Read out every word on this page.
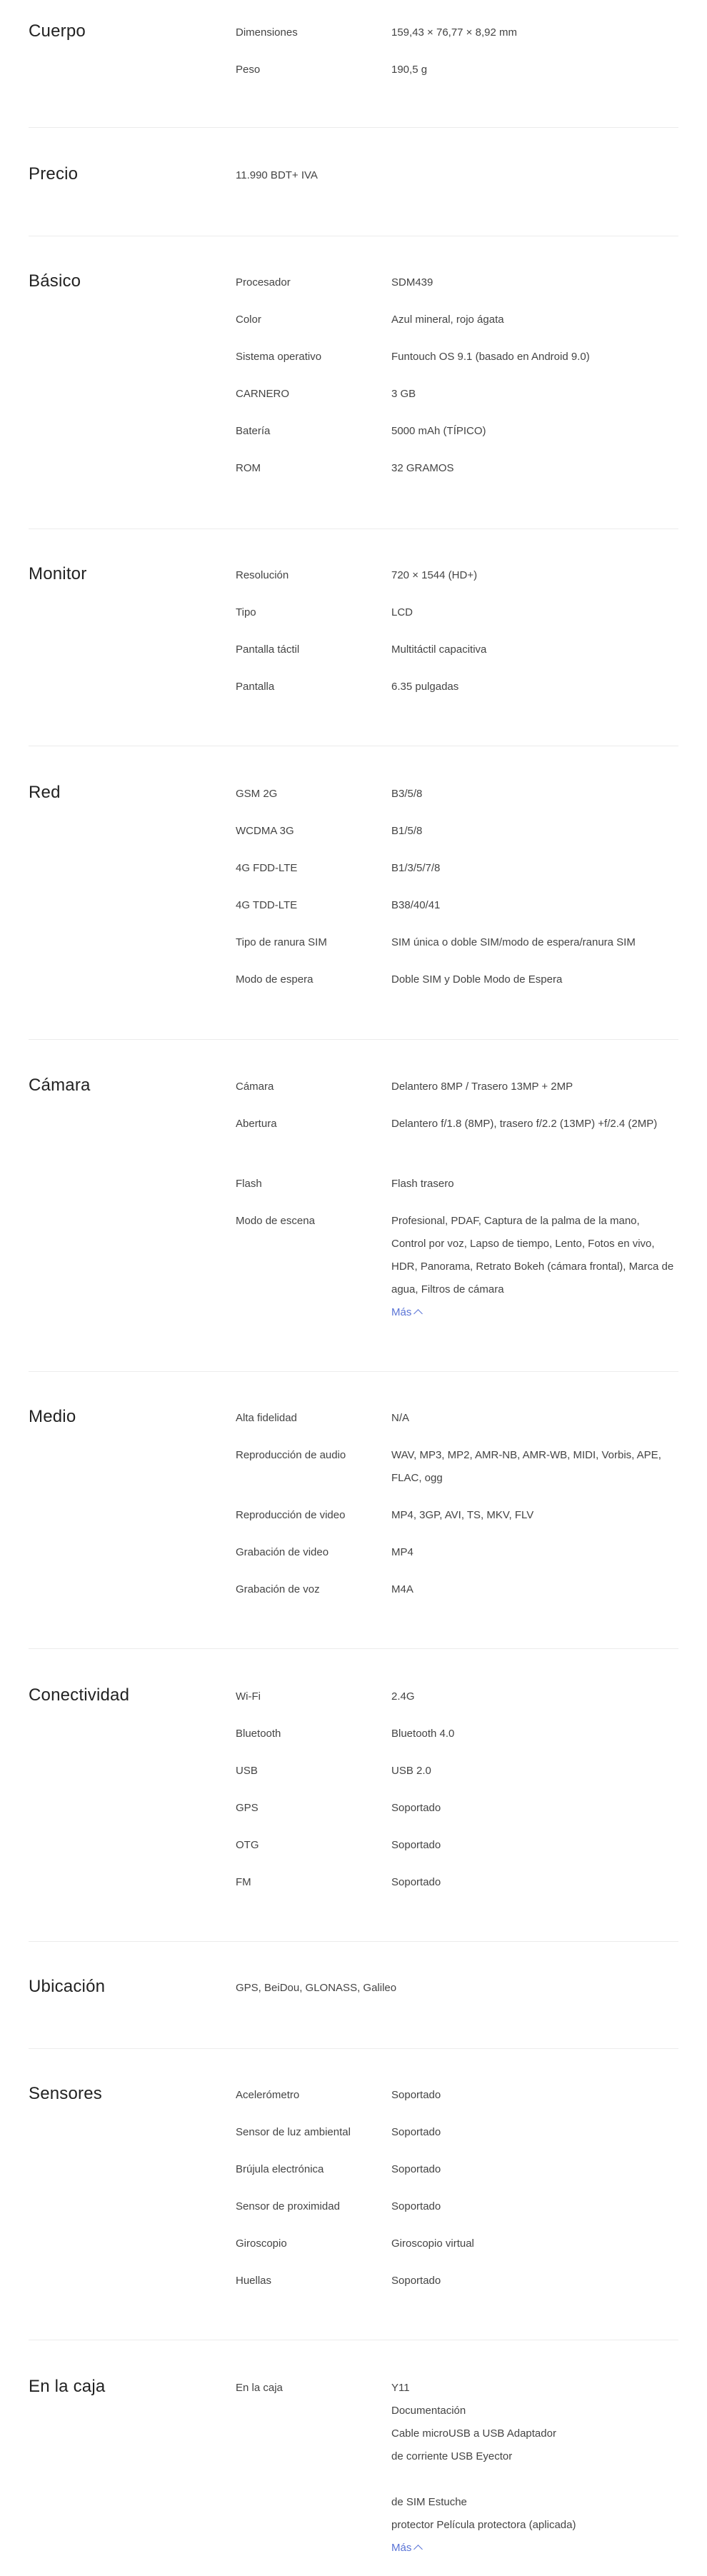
Cuerpo	Dimensiones	159,43 × 76,77 × 8,92 mm
Peso	190,5 g
Precio	11.990 BDT+ IVA
Básico	Procesador	SDM439
Color	Azul mineral, rojo ágata
Sistema operativo	Funtouch OS 9.1 (basado en Android 9.0)
CARNERO	3 GB
Batería	5000 mAh (TÍPICO)
ROM	32 GRAMOS
Monitor	Resolución	720 × 1544 (HD+)
Tipo	LCD
Pantalla táctil	Multitáctil capacitiva
Pantalla	6.35 pulgadas
Red	GSM 2G	B3/5/8
WCDMA 3G	B1/5/8
4G FDD-LTE	B1/3/5/7/8
4G TDD-LTE	B38/40/41
Tipo de ranura SIM	SIM única o doble SIM/modo de espera/ranura SIM
Modo de espera	Doble SIM y Doble Modo de Espera
Cámara	Cámara	Delantero 8MP / Trasero 13MP + 2MP
Abertura	Delantero f/1.8 (8MP), trasero f/2.2 (13MP) +f/2.4 (2MP)
Flash	Flash trasero
Modo de escena	Profesional, PDAF, Captura de la palma de la mano, Control por voz, Lapso de tiempo, Lento, Fotos en vivo, HDR, Panorama, Retrato Bokeh (cámara frontal), Marca de agua, Filtros de cámara
Más
Medio	Alta fidelidad	N/A
Reproducción de audio	WAV, MP3, MP2, AMR-NB, AMR-WB, MIDI, Vorbis, APE, FLAC, ogg
Reproducción de video	MP4, 3GP, AVI, TS, MKV, FLV
Grabación de video	MP4
Grabación de voz	M4A
Conectividad	Wi-Fi	2.4G
Bluetooth	Bluetooth 4.0
USB	USB 2.0
GPS	Soportado
OTG	Soportado
FM	Soportado
Ubicación	GPS, BeiDou, GLONASS, Galileo
Sensores	Acelerómetro	Soportado
Sensor de luz ambiental	Soportado
Brújula electrónica	Soportado
Sensor de proximidad	Soportado
Giroscopio	Giroscopio virtual
Huellas	Soportado
En la caja	En la caja	Y11
Documentación
Cable microUSB a USB Adaptador
de corriente USB Eyector
de SIM Estuche
protector Película protectora (aplicada)
Más
